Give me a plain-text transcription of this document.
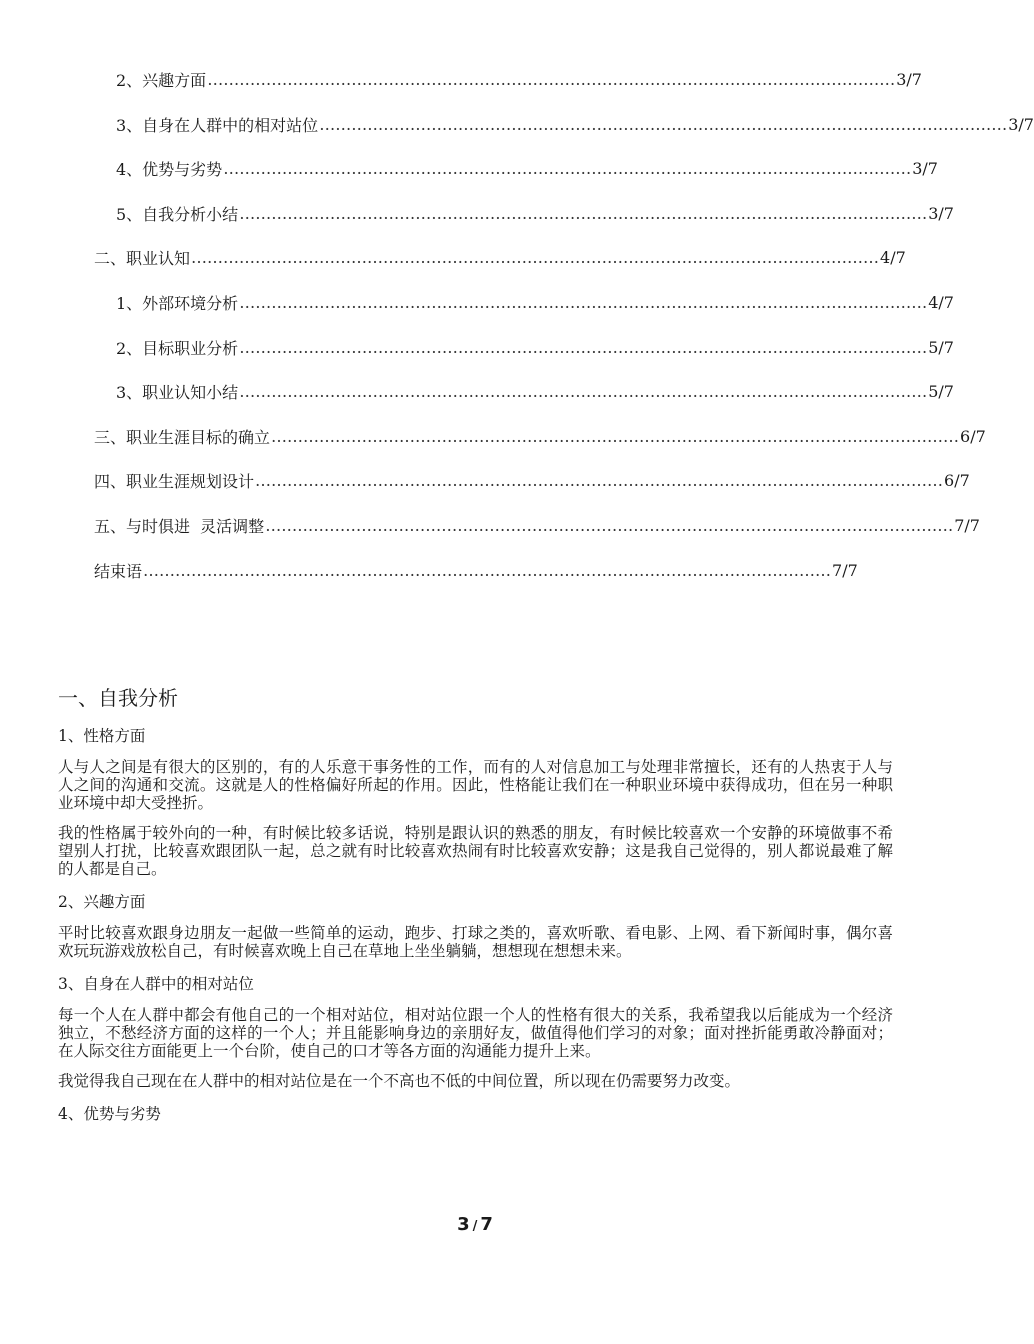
2、兴趣方面 ………………………………………………………………………………………………………………… 3/7
3、自身在人群中的相对站位 ………………………………………………………………………………………………………………… 3/7
4、优势与劣势 ………………………………………………………………………………………………………………… 3/7
5、自我分析小结 ………………………………………………………………………………………………………………… 3/7
二、职业认知 ………………………………………………………………………………………………………………… 4/7
1、外部环境分析 ………………………………………………………………………………………………………………… 4/7
2、目标职业分析 ………………………………………………………………………………………………………………… 5/7
3、职业认知小结 ………………………………………………………………………………………………………………… 5/7
三、职业生涯目标的确立 ………………………………………………………………………………………………………………… 6/7
四、职业生涯规划设计 ………………………………………………………………………………………………………………… 6/7
五、与时俱进  灵活调整 ………………………………………………………………………………………………………………… 7/7
结束语 ………………………………………………………………………………………………………………… 7/7
一、自我分析
1、性格方面

人与人之间是有很大的区别的，有的人乐意干事务性的工作，而有的人对信息加工与处理非常擅长，还有的人热衷于人与人之间的沟通和交流。这就是人的性格偏好所起的作用。因此，性格能让我们在一种职业环境中获得成功，但在另一种职业环境中却大受挫折。

我的性格属于较外向的一种，有时候比较多话说，特别是跟认识的熟悉的朋友，有时候比较喜欢一个安静的环境做事不希望别人打扰，比较喜欢跟团队一起，总之就有时比较喜欢热闹有时比较喜欢安静；这是我自己觉得的，别人都说最难了解的人都是自己。

2、兴趣方面

平时比较喜欢跟身边朋友一起做一些简单的运动，跑步、打球之类的，喜欢听歌、看电影、上网、看下新闻时事，偶尔喜欢玩玩游戏放松自己，有时候喜欢晚上自己在草地上坐坐躺躺，想想现在想想未来。

3、自身在人群中的相对站位

每一个人在人群中都会有他自己的一个相对站位，相对站位跟一个人的性格有很大的关系，我希望我以后能成为一个经济独立，不愁经济方面的这样的一个人；并且能影响身边的亲朋好友，做值得他们学习的对象；面对挫折能勇敢冷静面对；在人际交往方面能更上一个台阶，使自己的口才等各方面的沟通能力提升上来。

我觉得我自己现在在人群中的相对站位是在一个不高也不低的中间位置，所以现在仍需要努力改变。

4、优势与劣势
3 / 7
